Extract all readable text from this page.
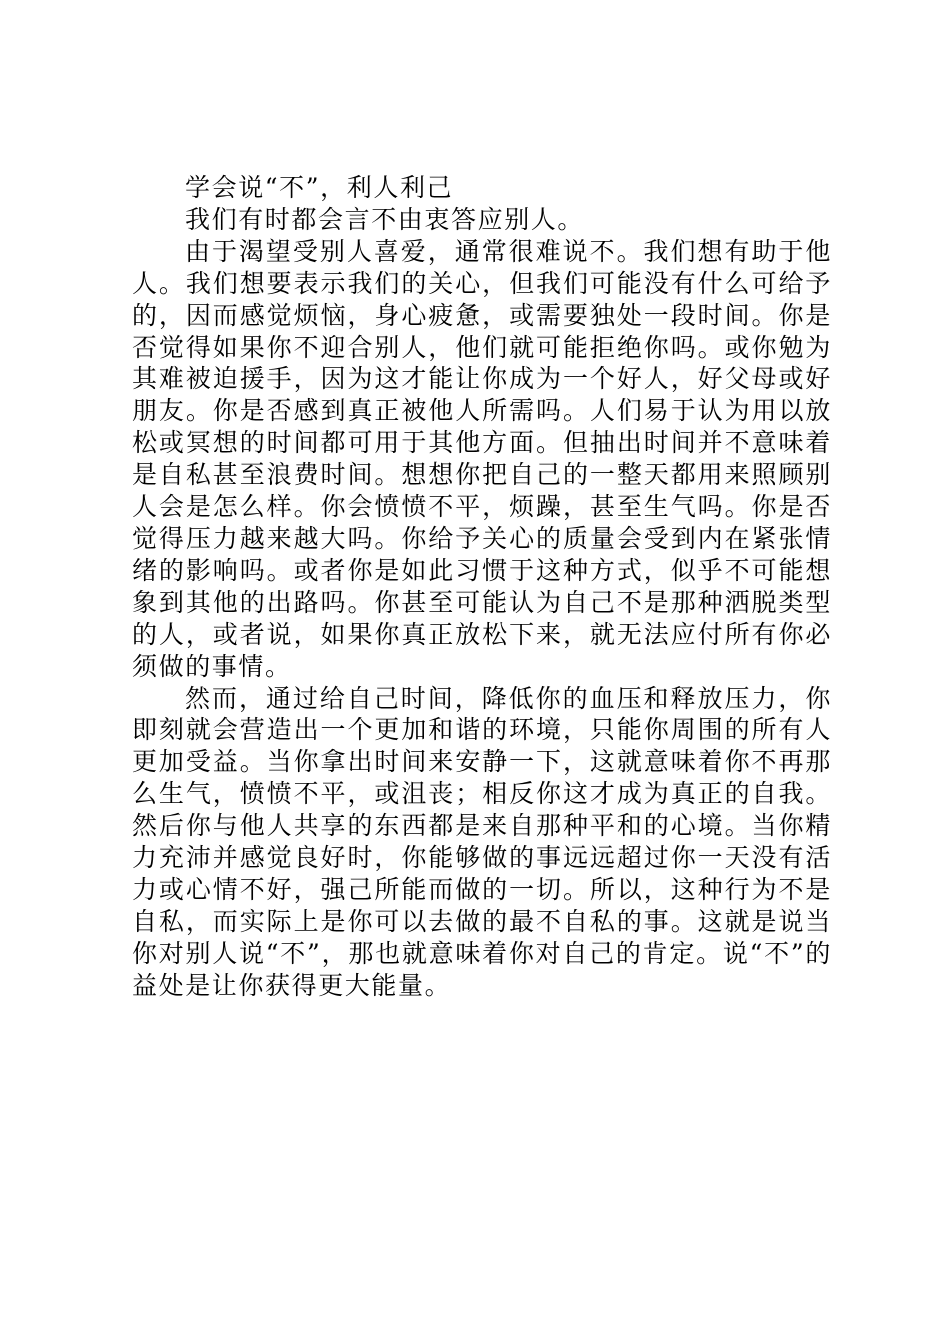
学会说“不”，利人利己

我们有时都会言不由衷答应别人。

由于渴望受别人喜爱，通常很难说不。我们想有助于他人。我们想要表示我们的关心，但我们可能没有什么可给予的，因而感觉烦恼，身心疲惫，或需要独处一段时间。你是否觉得如果你不迎合别人，他们就可能拒绝你吗。或你勉为其难被迫援手，因为这才能让你成为一个好人，好父母或好朋友。你是否感到真正被他人所需吗。人们易于认为用以放松或冥想的时间都可用于其他方面。但抽出时间并不意味着是自私甚至浪费时间。想想你把自己的一整天都用来照顾别人会是怎么样。你会愤愤不平，烦躁，甚至生气吗。你是否觉得压力越来越大吗。你给予关心的质量会受到内在紧张情绪的影响吗。或者你是如此习惯于这种方式，似乎不可能想象到其他的出路吗。你甚至可能认为自己不是那种洒脱类型的人，或者说，如果你真正放松下来，就无法应付所有你必须做的事情。

然而，通过给自己时间，降低你的血压和释放压力，你即刻就会营造出一个更加和谐的环境，只能你周围的所有人更加受益。当你拿出时间来安静一下，这就意味着你不再那么生气，愤愤不平，或沮丧；相反你这才成为真正的自我。然后你与他人共享的东西都是来自那种平和的心境。当你精力充沛并感觉良好时，你能够做的事远远超过你一天没有活力或心情不好，强己所能而做的一切。所以，这种行为不是自私，而实际上是你可以去做的最不自私的事。这就是说当你对别人说“不”，那也就意味着你对自己的肯定。说“不”的益处是让你获得更大能量。
